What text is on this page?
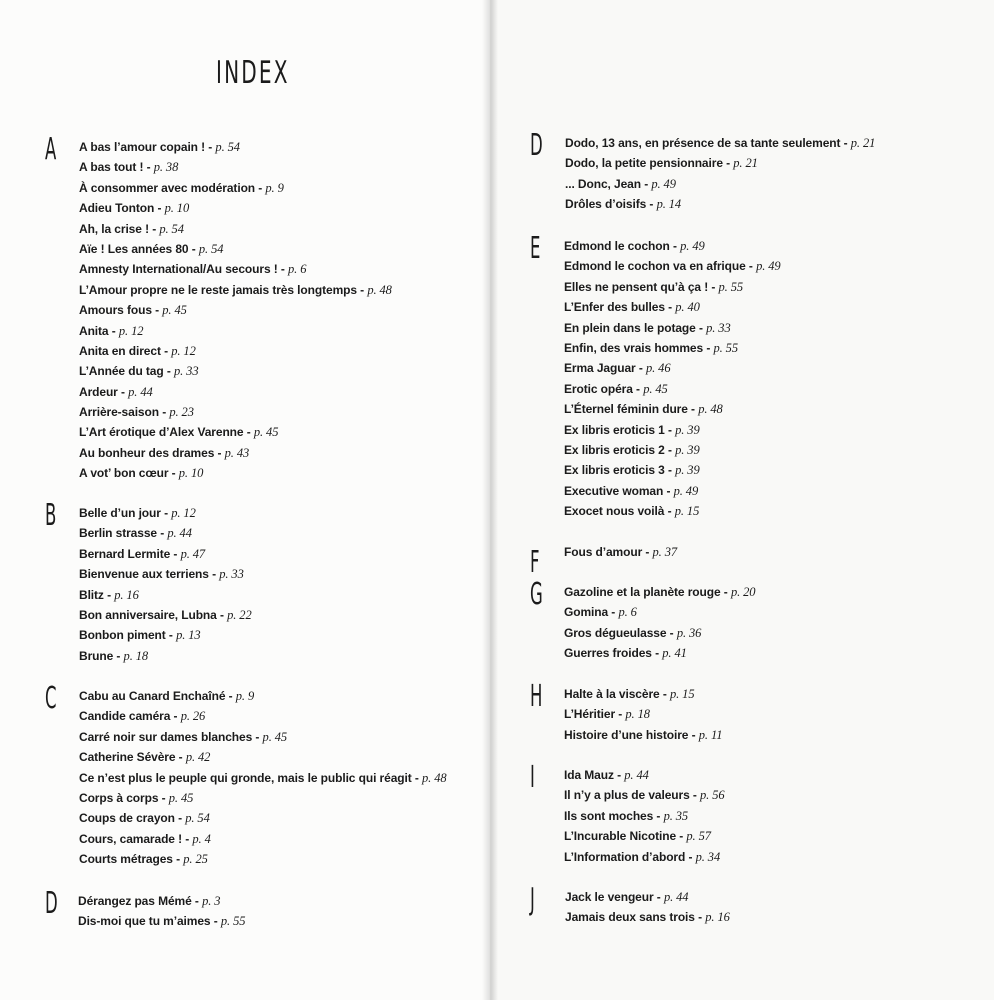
INDEX
A A bas l’amour copain ! - p. 54
A bas tout ! - p. 38
À consommer avec modération - p. 9
Adieu Tonton - p. 10
Ah, la crise ! - p. 54
Aïe ! Les années 80 - p. 54
Amnesty International/Au secours ! - p. 6
L’Amour propre ne le reste jamais très longtemps - p. 48
Amours fous - p. 45
Anita - p. 12
Anita en direct - p. 12
L’Année du tag - p. 33
Ardeur - p. 44
Arrière-saison - p. 23
L’Art érotique d’Alex Varenne - p. 45
Au bonheur des drames - p. 43
A vot’ bon cœur - p. 10
B Belle d’un jour - p. 12
Berlin strasse - p. 44
Bernard Lermite - p. 47
Bienvenue aux terriens - p. 33
Blitz - p. 16
Bon anniversaire, Lubna - p. 22
Bonbon piment - p. 13
Brune - p. 18
C Cabu au Canard Enchaîné - p. 9
Candide caméra - p. 26
Carré noir sur dames blanches - p. 45
Catherine Sévère - p. 42
Ce n’est plus le peuple qui gronde, mais le public qui réagit - p. 48
Corps à corps - p. 45
Coups de crayon - p. 54
Cours, camarade ! - p. 4
Courts métrages - p. 25
D Dérangez pas Mémé - p. 3
Dis-moi que tu m’aimes - p. 55
D Dodo, 13 ans, en présence de sa tante seulement - p. 21
Dodo, la petite pensionnaire - p. 21
... Donc, Jean - p. 49
Drôles d’oisifs - p. 14
E Edmond le cochon - p. 49
Edmond le cochon va en afrique - p. 49
Elles ne pensent qu’à ça ! - p. 55
L’Enfer des bulles - p. 40
En plein dans le potage - p. 33
Enfin, des vrais hommes - p. 55
Erma Jaguar - p. 46
Erotic opéra - p. 45
L’Éternel féminin dure - p. 48
Ex libris eroticis 1 - p. 39
Ex libris eroticis 2 - p. 39
Ex libris eroticis 3 - p. 39
Executive woman - p. 49
Exocet nous voilà - p. 15
F Fous d’amour - p. 37
G Gazoline et la planète rouge - p. 20
Gomina - p. 6
Gros dégueulasse - p. 36
Guerres froides - p. 41
H Halte à la viscère - p. 15
L’Héritier - p. 18
Histoire d’une histoire - p. 11
I Ida Mauz - p. 44
Il n’y a plus de valeurs - p. 56
Ils sont moches - p. 35
L’Incurable Nicotine - p. 57
L’Information d’abord - p. 34
J	Jack le vengeur - p. 44
Jamais deux sans trois - p. 16
